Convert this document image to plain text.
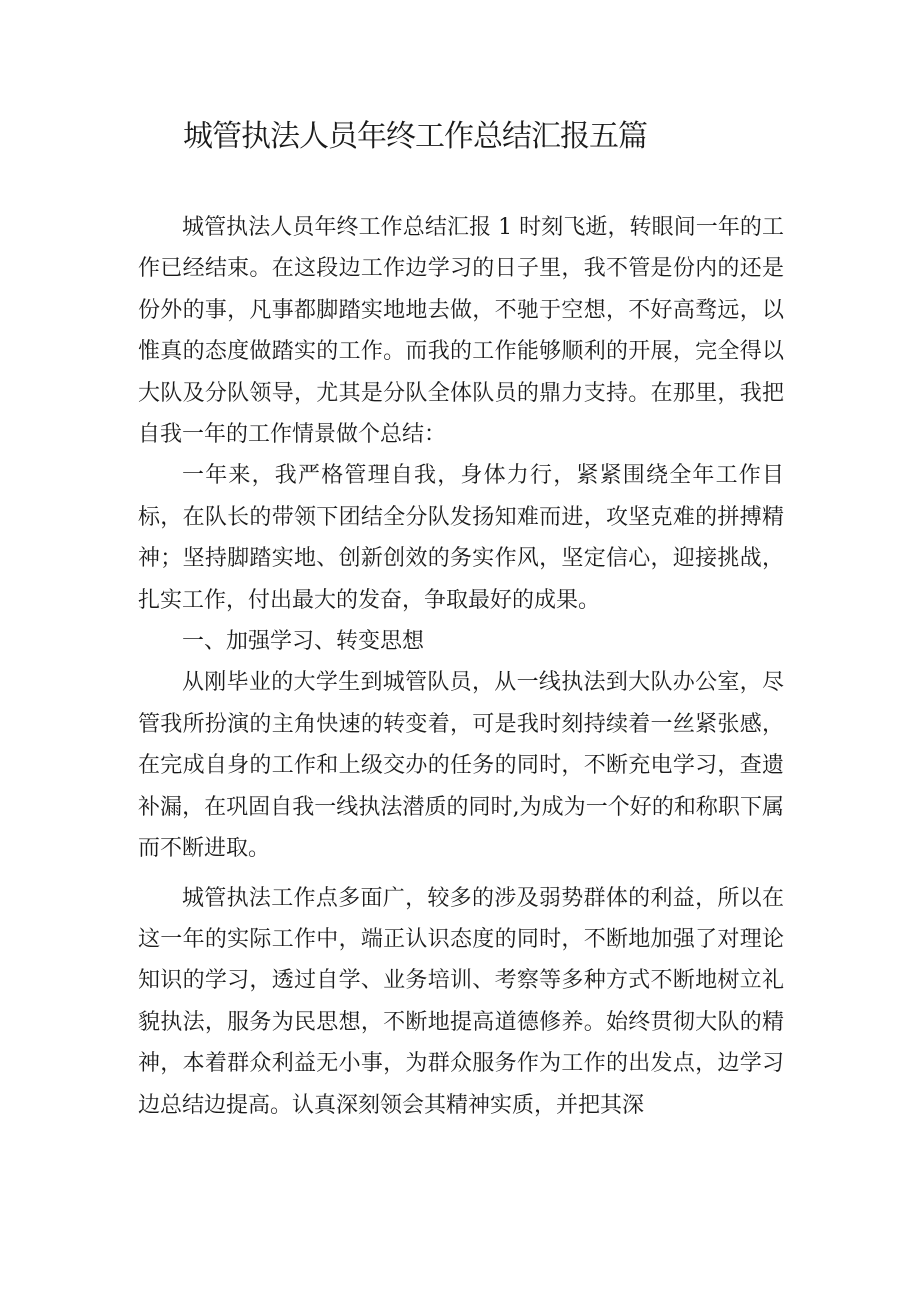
城管执法人员年终工作总结汇报五篇

城管执法人员年终工作总结汇报 1 时刻飞逝，转眼间一年的工作已经结束。在这段边工作边学习的日子里，我不管是份内的还是份外的事，凡事都脚踏实地地去做，不驰于空想，不好高骛远，以惟真的态度做踏实的工作。而我的工作能够顺利的开展，完全得以大队及分队领导，尤其是分队全体队员的鼎力支持。在那里，我把自我一年的工作情景做个总结：

一年来，我严格管理自我，身体力行，紧紧围绕全年工作目标，在队长的带领下团结全分队发扬知难而进，攻坚克难的拼搏精神；坚持脚踏实地、创新创效的务实作风，坚定信心，迎接挑战，扎实工作，付出最大的发奋，争取最好的成果。

一、加强学习、转变思想

从刚毕业的大学生到城管队员，从一线执法到大队办公室，尽管我所扮演的主角快速的转变着，可是我时刻持续着一丝紧张感，在完成自身的工作和上级交办的任务的同时，不断充电学习，查遗补漏，在巩固自我一线执法潜质的同时,为成为一个好的和称职下属而不断进取。

城管执法工作点多面广，较多的涉及弱势群体的利益，所以在这一年的实际工作中，端正认识态度的同时，不断地加强了对理论知识的学习，透过自学、业务培训、考察等多种方式不断地树立礼貌执法，服务为民思想，不断地提高道德修养。始终贯彻大队的精神，本着群众利益无小事，为群众服务作为工作的出发点，边学习边总结边提高。认真深刻领会其精神实质，并把其深
